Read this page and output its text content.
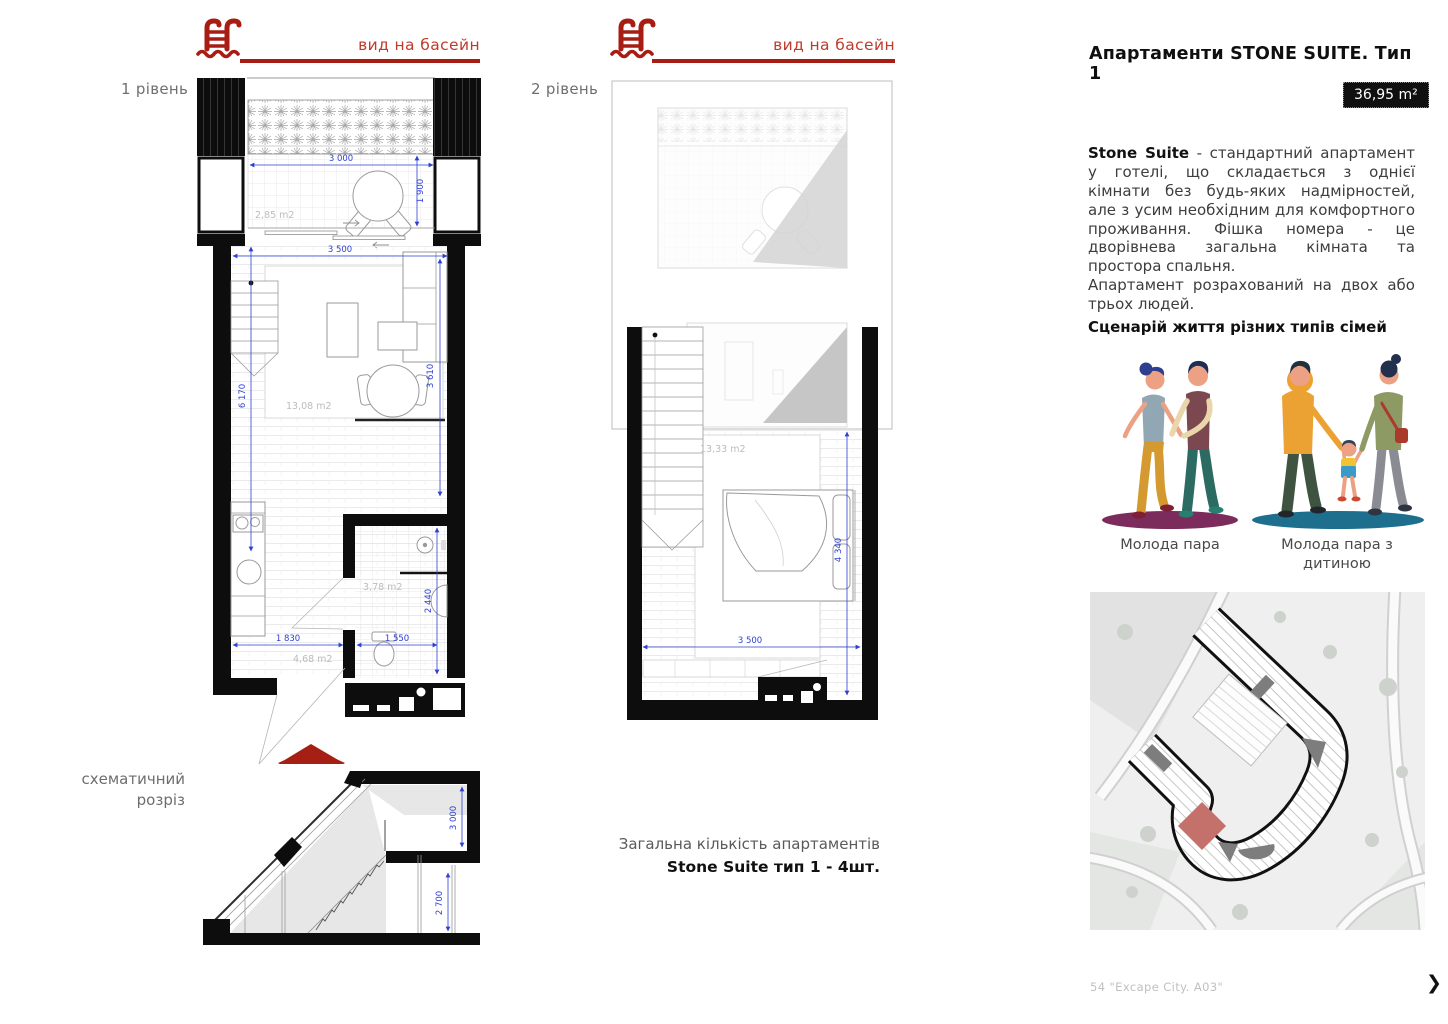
вид на басейн
1 рівень
вид на басейн
2 рівень
3 000
1 900
2,85 m2
3 500
3 610
6 170	13,08 m2
2 440
1 550
1 830
4,68 m2
3,78 m2
13,33 m2
4 340
3 500
схематичний
розріз
3 000
2 700
Загальна кількість апартаментів
Stone Suite тип 1 - 4шт.
Апартаменти STONE SUITE. Тип 1
36,95 m²
Stone Suite - стандартний апартамент у готелі, що складається з однієї кімнати без будь-яких надмірностей, але з усим необхідним для комфортного проживання. Фішка номера - це дворівнева загальна кімната та простора спальня.
Апартамент розрахований на двох або трьох людей.
Сценарій життя різних типів сімей
Молода пара	Молода пара з дитиною
54 "Excape City. А03"	❯
